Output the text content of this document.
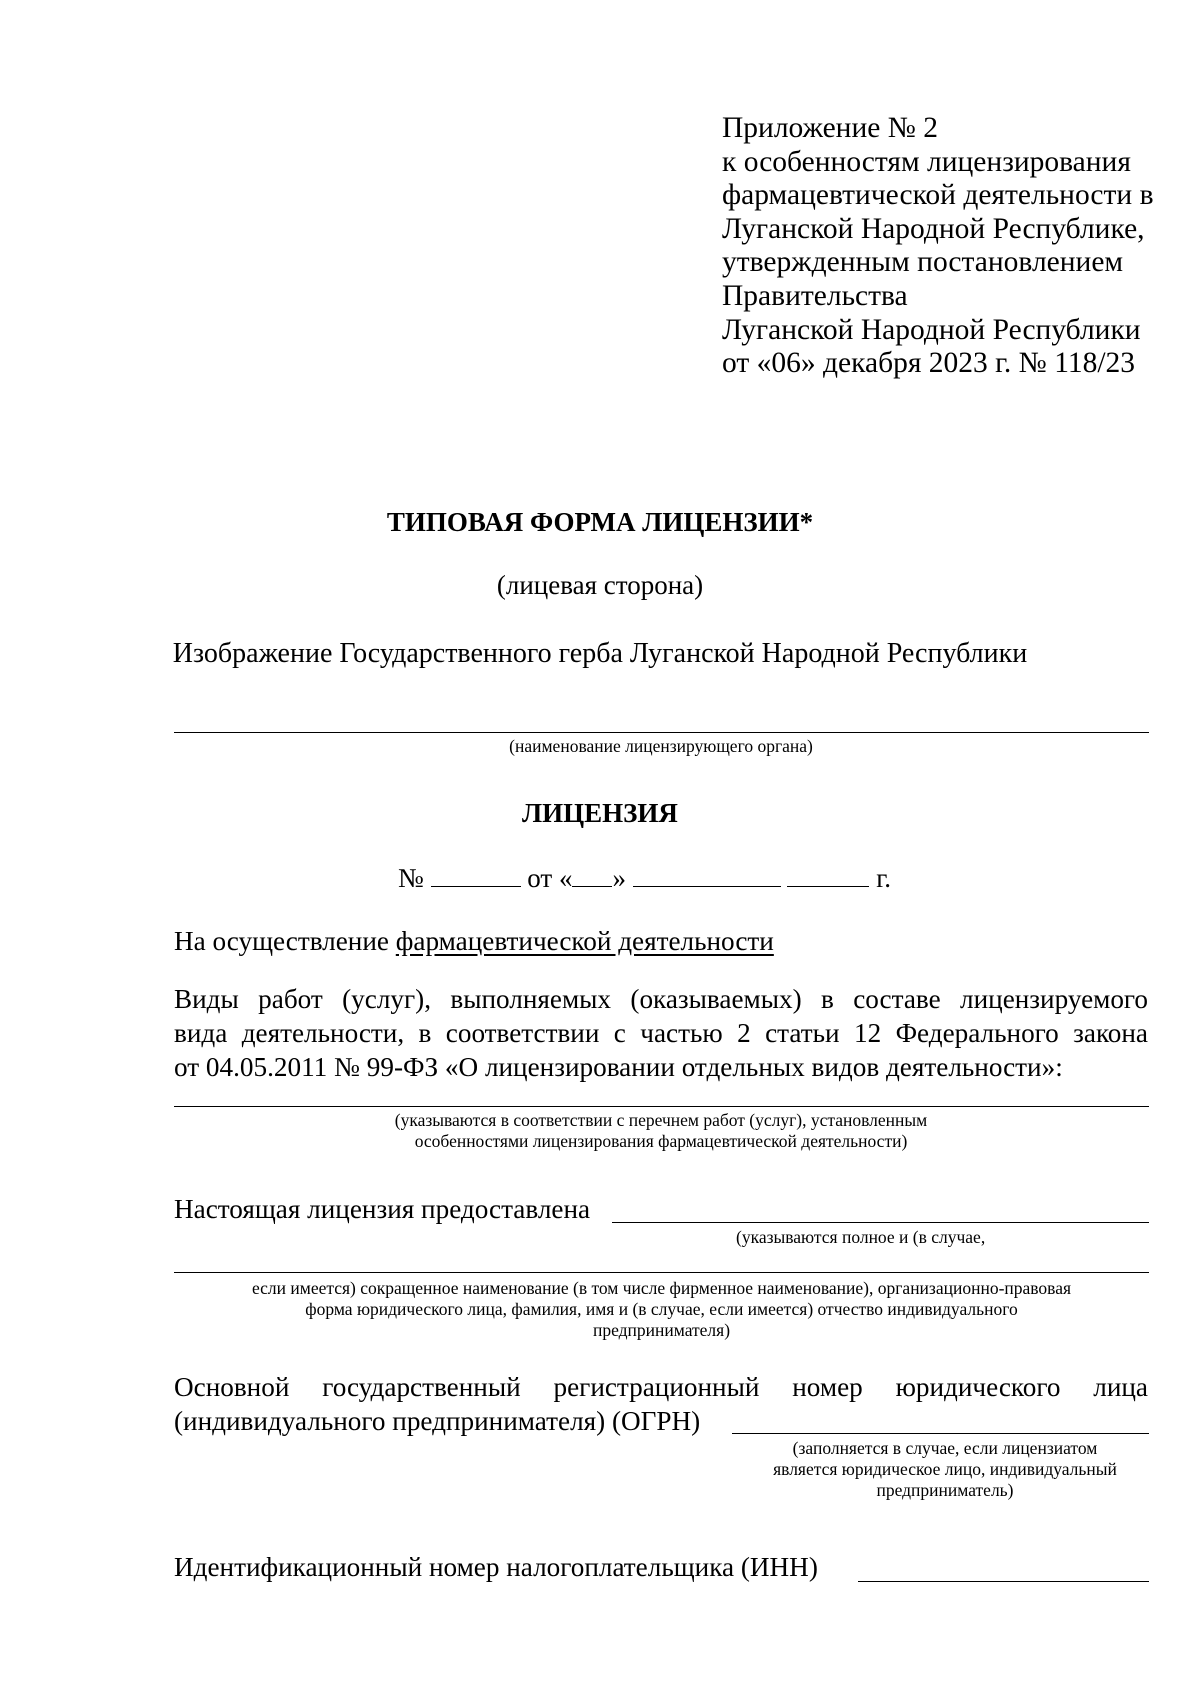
Приложение № 2
к особенностям лицензирования
фармацевтической деятельности в
Луганской Народной Республике,
утвержденным постановлением
Правительства
Луганской Народной Республики
от «06» декабря 2023 г. № 118/23
ТИПОВАЯ ФОРМА ЛИЦЕНЗИИ*
(лицевая сторона)
Изображение Государственного герба Луганской Народной Республики
(наименование лицензирующего органа)
ЛИЦЕНЗИЯ
№	от « »	г.
На осуществление фармацевтической деятельности
Виды работ (услуг), выполняемых (оказываемых) в составе лицензируемого
вида деятельности, в соответствии с частью 2 статьи 12 Федерального закона
от 04.05.2011 № 99-ФЗ «О лицензировании отдельных видов деятельности»:
(указываются в соответствии с перечнем работ (услуг), установленным
особенностями лицензирования фармацевтической деятельности)
Настоящая лицензия предоставлена
(указываются полное и (в случае,
если имеется) сокращенное наименование (в том числе фирменное наименование), организационно-правовая
форма юридического лица, фамилия, имя и (в случае, если имеется) отчество индивидуального
предпринимателя)
Основной государственный регистрационный номер юридического лица
(индивидуального предпринимателя) (ОГРН)
(заполняется в случае, если лицензиатом
является юридическое лицо, индивидуальный
предприниматель)
Идентификационный номер налогоплательщика (ИНН)
